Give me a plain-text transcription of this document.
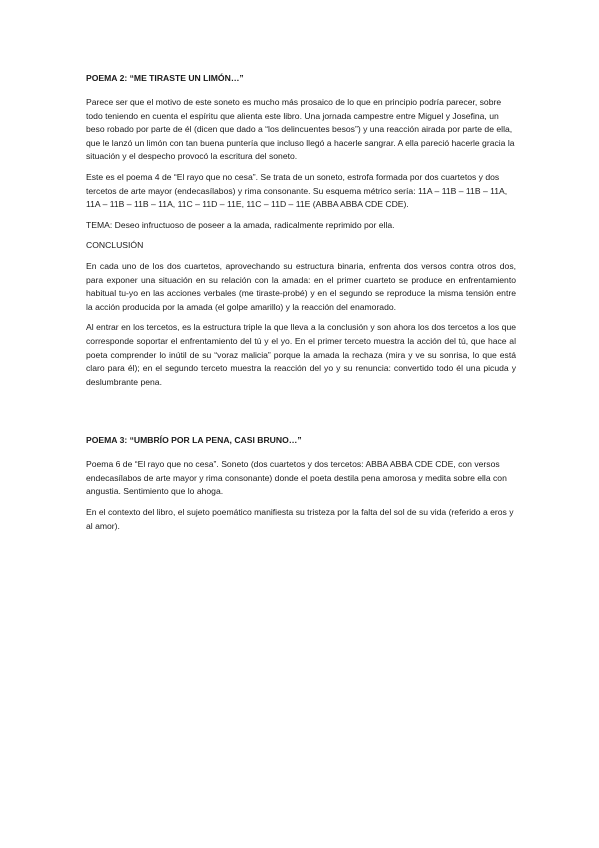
POEMA 2: “ME TIRASTE UN LIMÓN…”

Parece ser que el motivo de este soneto es mucho más prosaico de lo que en principio podría parecer, sobre todo teniendo en cuenta el espíritu que alienta este libro. Una jornada campestre entre Miguel y Josefina, un beso robado por parte de él (dicen que dado a “los delincuentes besos”) y una reacción airada por parte de ella, que le lanzó un limón con tan buena puntería que incluso llegó a hacerle sangrar. A ella pareció hacerle gracia la situación y el despecho provocó la escritura del soneto.

Este es el poema 4 de “El rayo que no cesa”. Se trata de un soneto, estrofa formada por dos cuartetos y dos tercetos de arte mayor (endecasílabos) y rima consonante. Su esquema métrico sería: 11A – 11B – 11B – 11A, 11A – 11B – 11B – 11A, 11C – 11D – 11E, 11C – 11D – 11E (ABBA ABBA CDE CDE).

TEMA: Deseo infructuoso de poseer a la amada, radicalmente reprimido por ella.

CONCLUSIÓN

En cada uno de los dos cuartetos, aprovechando su estructura binaria, enfrenta dos versos contra otros dos, para exponer una situación en su relación con la amada: en el primer cuarteto se produce en enfrentamiento habitual tu-yo en las acciones verbales (me tiraste-probé) y en el segundo se reproduce la misma tensión entre la acción producida por la amada (el golpe amarillo) y la reacción del enamorado.

Al entrar en los tercetos, es la estructura triple la que lleva a la conclusión y son ahora los dos tercetos a los que corresponde soportar el enfrentamiento del tú y el yo. En el primer terceto muestra la acción del tú, que hace al poeta comprender lo inútil de su “voraz malicia” porque la amada la rechaza (mira y ve su sonrisa, lo que está claro para él); en el segundo terceto muestra la reacción del yo y su renuncia: convertido todo él una picuda y deslumbrante pena.

POEMA 3: “UMBRÍO POR LA PENA, CASI BRUNO…”

Poema 6 de “El rayo que no cesa”. Soneto (dos cuartetos y dos tercetos: ABBA ABBA CDE CDE, con versos endecasílabos de arte mayor y rima consonante) donde el poeta destila pena amorosa y medita sobre ella con angustia. Sentimiento que lo ahoga.

En el contexto del libro, el sujeto poemático manifiesta su tristeza por la falta del sol de su vida (referido a eros y al amor).
